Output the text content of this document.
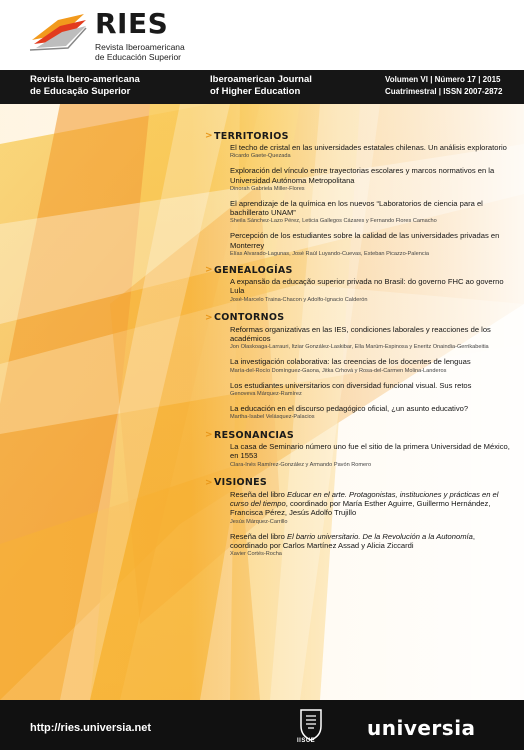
RIES
Revista Iberoamericana
de Educación Superior
Revista Ibero-americana
de Educação Superior
Iberoamerican Journal
of Higher Education
Volumen VI | Número 17 | 2015
Cuatrimestral | ISSN 2007-2872
> TERRITORIOS
El techo de cristal en las universidades estatales chilenas. Un análisis exploratorio
Ricardo Gaete-Quezada
Exploración del vínculo entre trayectorias escolares y marcos normativos en la Universidad Autónoma Metropolitana
Dinorah Gabriela Miller-Flores
El aprendizaje de la química en los nuevos “Laboratorios de ciencia para el bachillerato UNAM”
Sheila Sánchez-Lazo Pérez, Leticia Gallegos Cázares y Fernando Flores Camacho
Percepción de los estudiantes sobre la calidad de las universidades privadas en Monterrey
Elías Alvarado-Lagunas, José Raúl Luyando-Cuevas, Esteban Picazzo-Palencia
> GENEALOGÍAS
A expansão da educação superior privada no Brasil: do governo FHC ao governo Lula
José-Marcelo Traina-Chacon y Adolfo-Ignacio Calderón
> CONTORNOS
Reformas organizativas en las IES, condiciones laborales y reacciones de los académicos
Jon Olaskoaga-Larrauri, Itziar González-Laskibar, Ella Marúm-Espinosa y Eneritz Onaindia-Gerrikabeitia
La investigación colaborativa: las creencias de los docentes de lenguas
María-del-Rocío Domínguez-Gaona, Jitka Crhová y Rosa-del-Carmen Molina-Landeros
Los estudiantes universitarios con diversidad funcional visual. Sus retos
Genoveva Márquez-Ramírez
La educación en el discurso pedagógico oficial, ¿un asunto educativo?
Martha-Isabel Velásquez-Palacios
> RESONANCIAS
La casa de Seminario número uno fue el sitio de la primera Universidad de México, en 1553
Clara-Inés Ramírez-González y Armando Pavón Romero
> VISIONES
Reseña del libro Educar en el arte. Protagonistas, instituciones y prácticas en el curso del tiempo, coordinado por María Esther Aguirre, Guillermo Hernández, Francisca Pérez, Jesús Adolfo Trujillo
Jesús Márquez-Carrillo
Reseña del libro El barrio universitario. De la Revolución a la Autonomía, coordinado por Carlos Martínez Assad y Alicia Ziccardi
Xavier Cortés-Rocha
http://ries.universia.net
IISUE
universia
